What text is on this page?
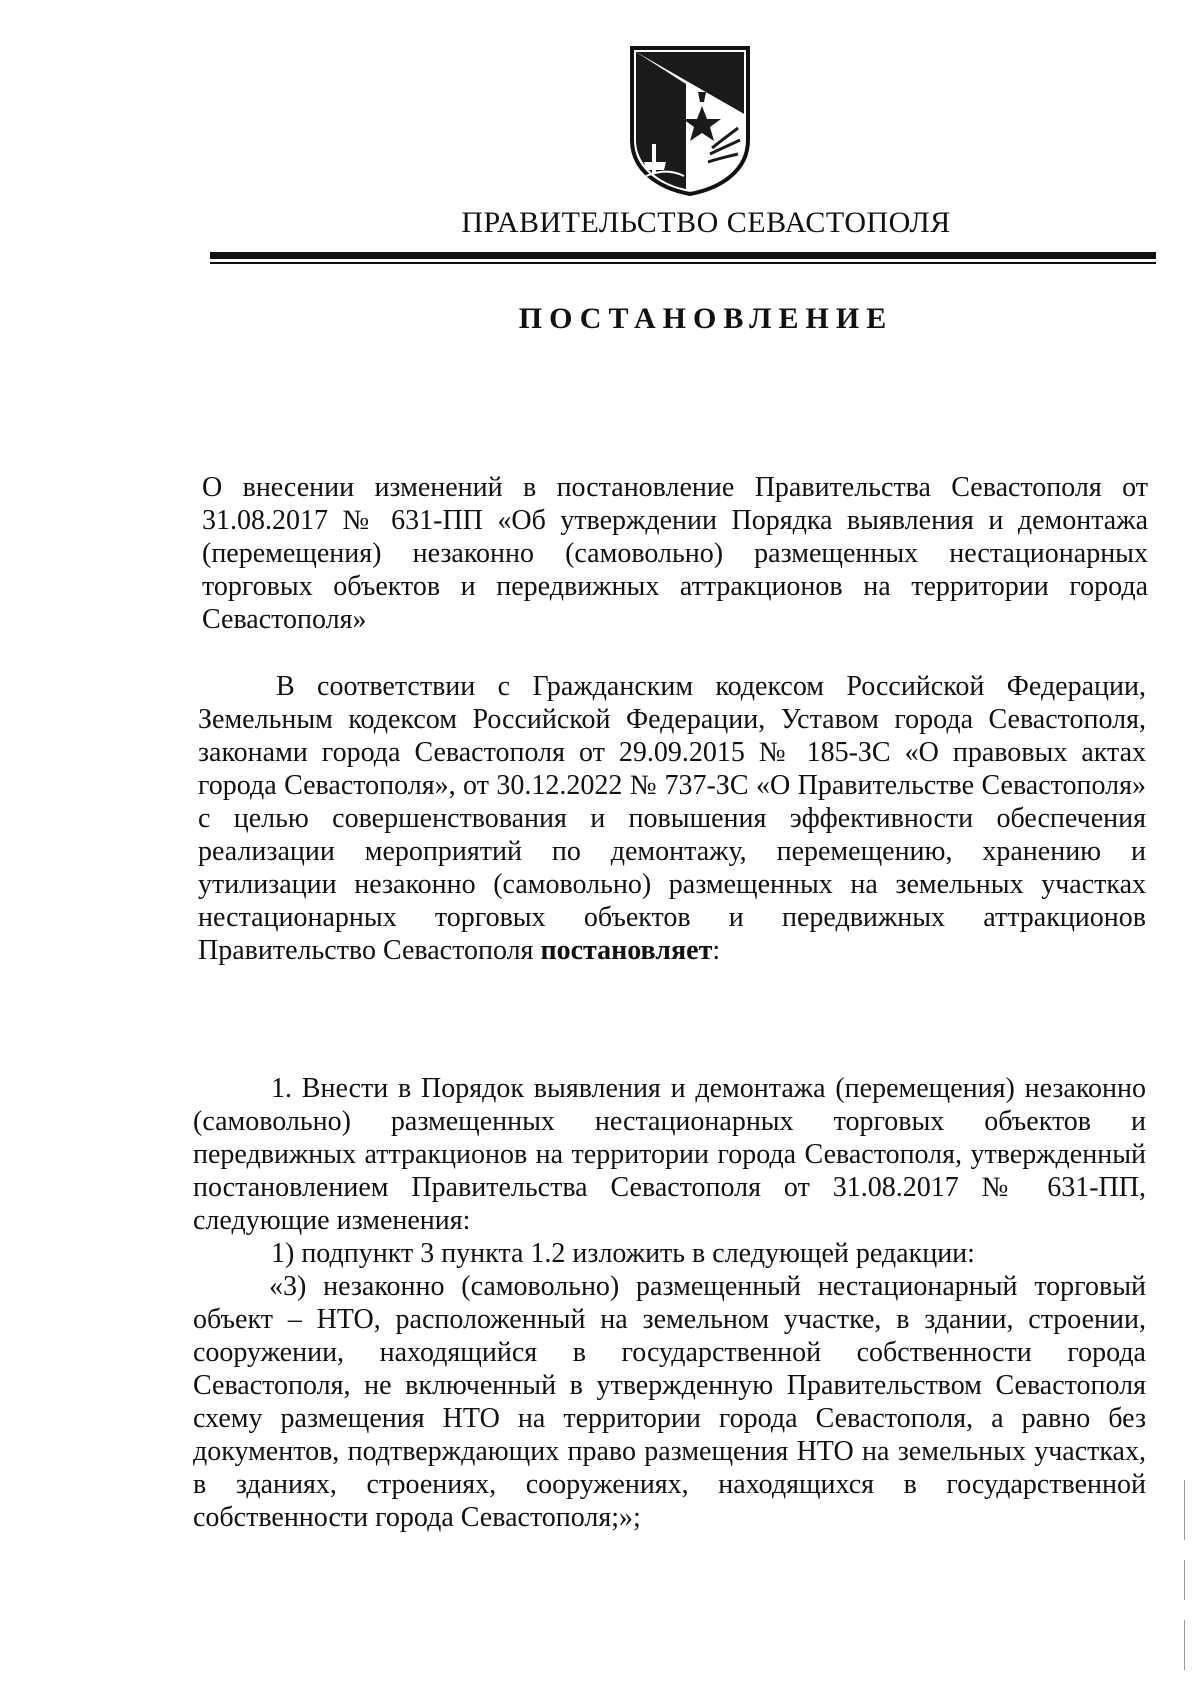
ПРАВИТЕЛЬСТВО СЕВАСТОПОЛЯ
ПОСТАНОВЛЕНИЕ

О внесении изменений в постановление Правительства Севастополя от 31.08.2017 № 631-ПП «Об утверждении Порядка выявления и демонтажа (перемещения) незаконно (самовольно) размещенных нестационарных торговых объектов и передвижных аттракционов на территории города Севастополя»

В соответствии с Гражданским кодексом Российской Федерации, Земельным кодексом Российской Федерации, Уставом города Севастополя, законами города Севастополя от 29.09.2015 № 185-ЗС «О правовых актах города Севастополя», от 30.12.2022 № 737-ЗС «О Правительстве Севастополя» с целью совершенствования и повышения эффективности обеспечения реализации мероприятий по демонтажу, перемещению, хранению и утилизации незаконно (самовольно) размещенных на земельных участках нестационарных торговых объектов и передвижных аттракционов Правительство Севастополя постановляет:

1. Внести в Порядок выявления и демонтажа (перемещения) незаконно (самовольно) размещенных нестационарных торговых объектов и передвижных аттракционов на территории города Севастополя, утвержденный постановлением Правительства Севастополя от 31.08.2017 № 631-ПП, следующие изменения:

1) подпункт 3 пункта 1.2 изложить в следующей редакции:

«3) незаконно (самовольно) размещенный нестационарный торговый объект – НТО, расположенный на земельном участке, в здании, строении, сооружении, находящийся в государственной собственности города Севастополя, не включенный в утвержденную Правительством Севастополя схему размещения НТО на территории города Севастополя, а равно без документов, подтверждающих право размещения НТО на земельных участках, в зданиях, строениях, сооружениях, находящихся в государственной собственности города Севастополя;»;
